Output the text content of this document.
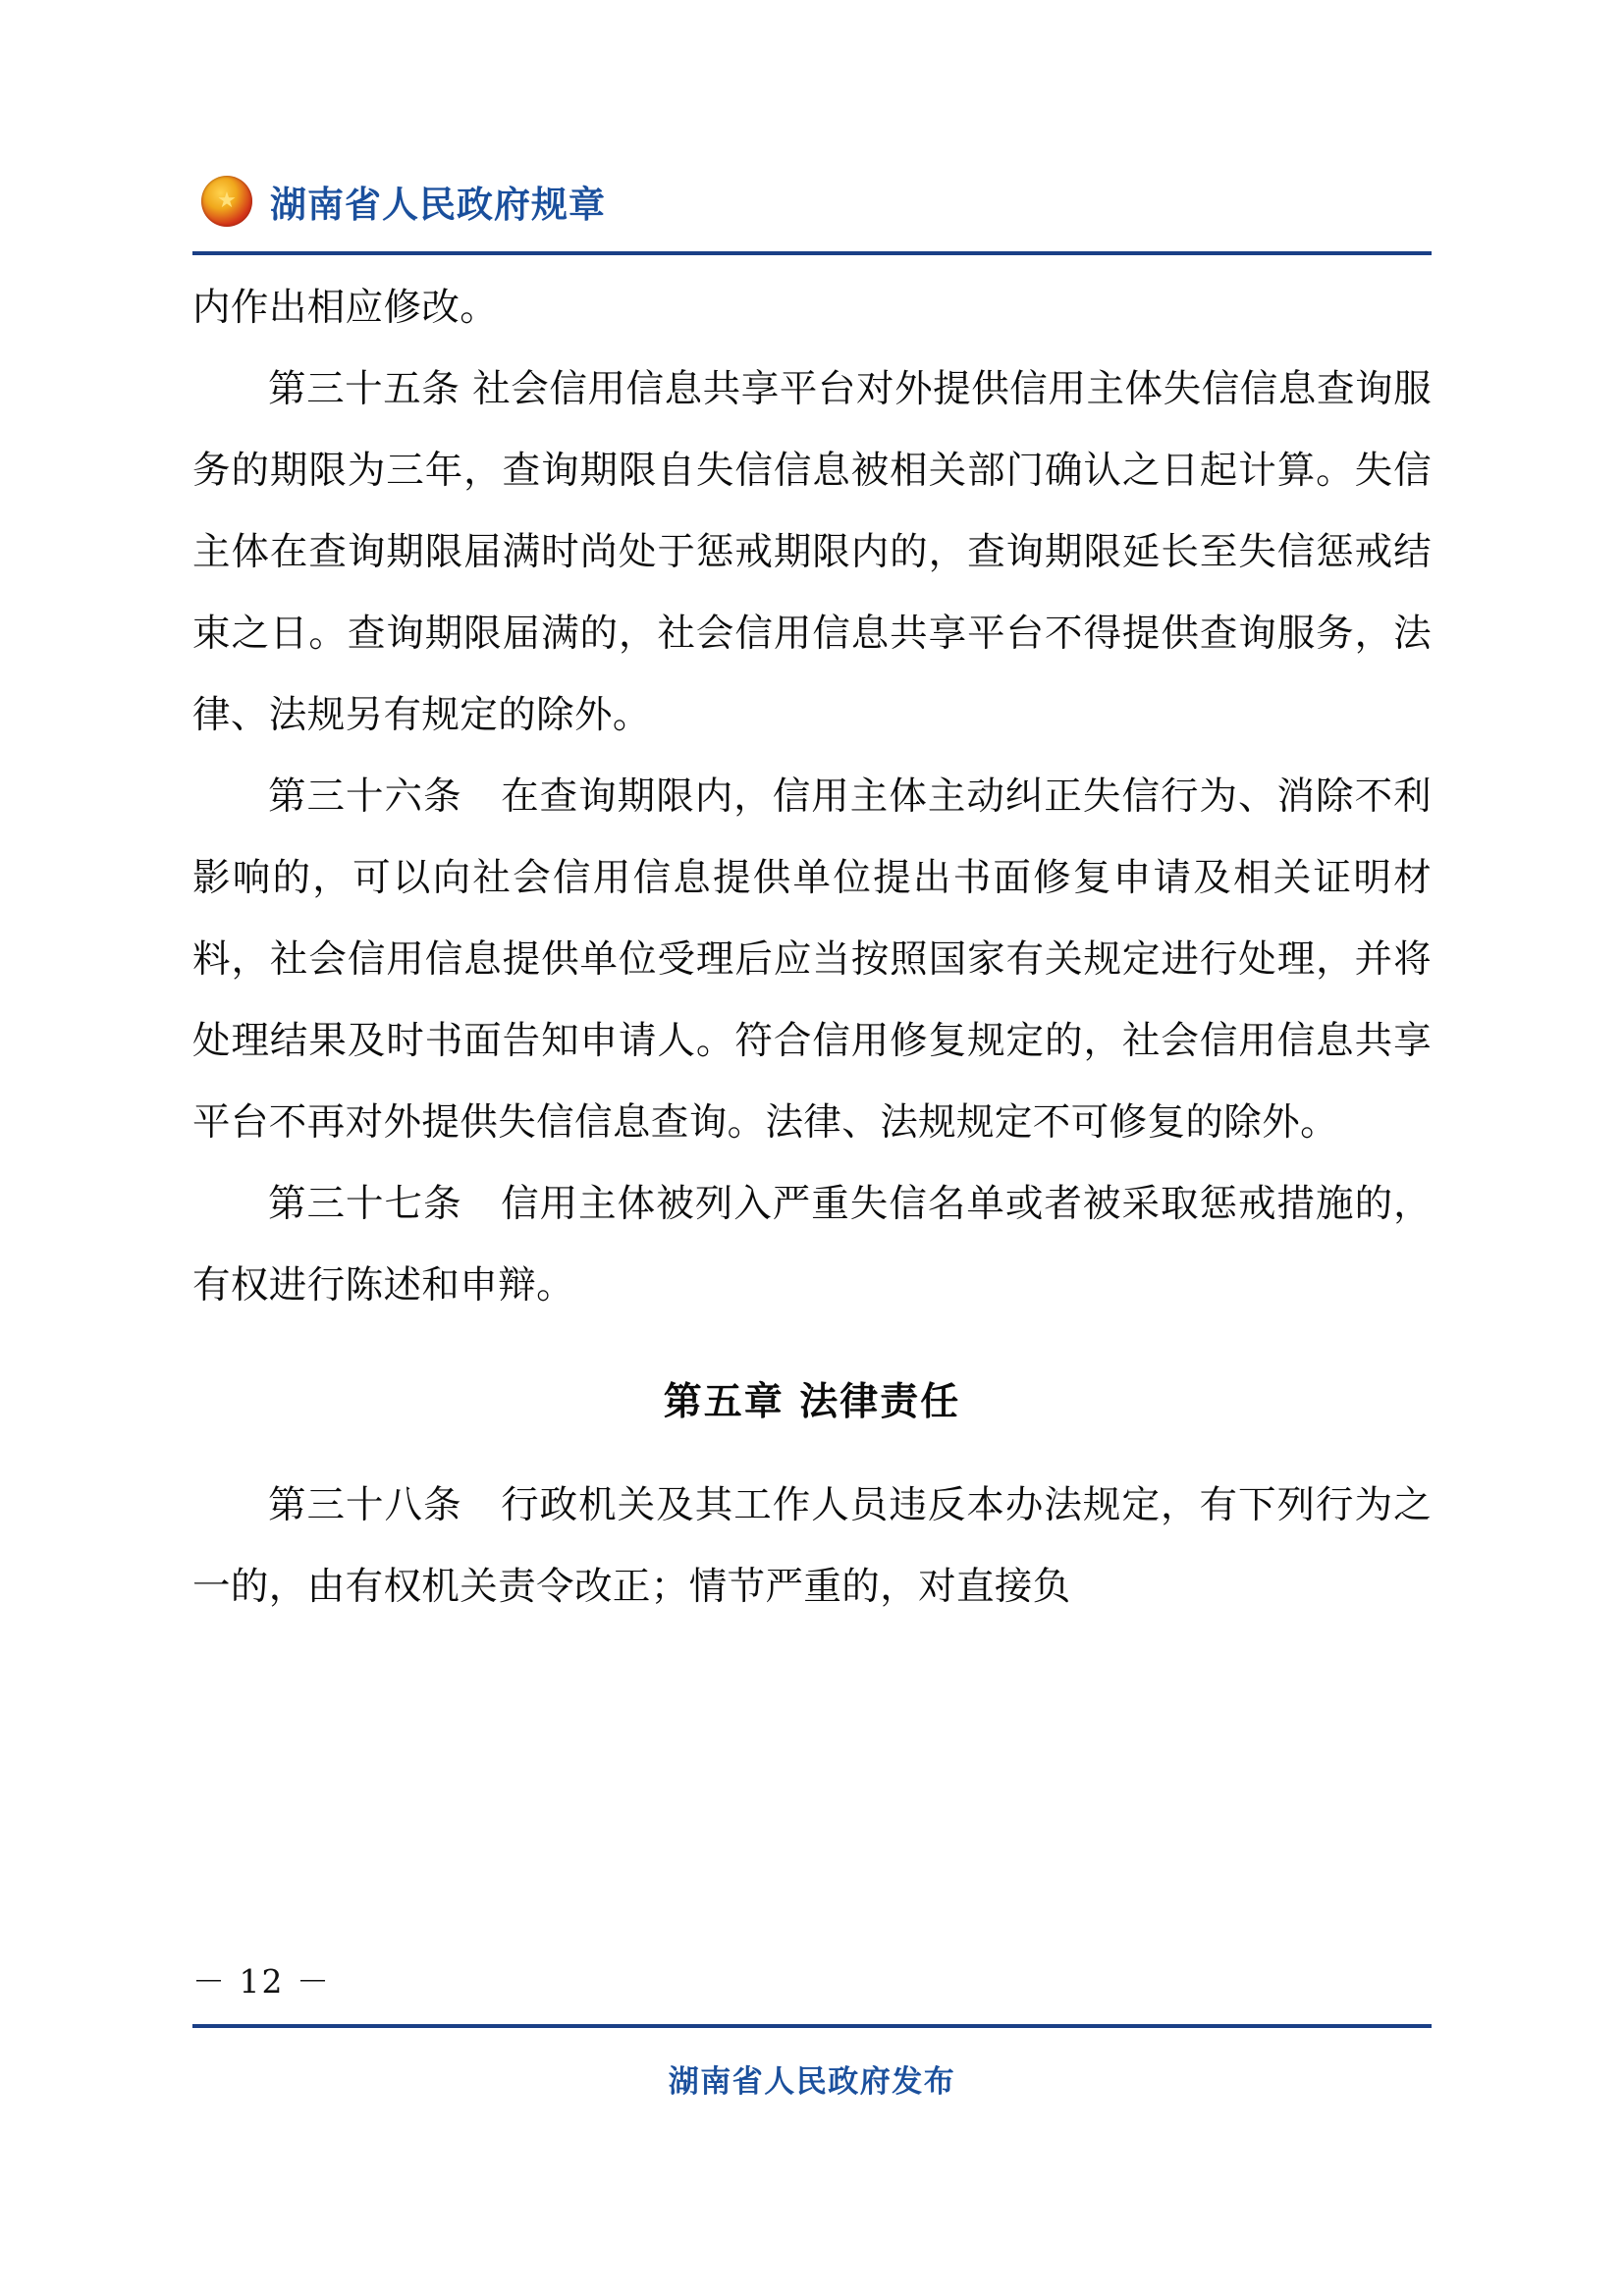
★
湖南省人民政府规章

内作出相应修改。

第三十五条 社会信用信息共享平台对外提供信用主体失信信息查询服务的期限为三年，查询期限自失信信息被相关部门确认之日起计算。失信主体在查询期限届满时尚处于惩戒期限内的，查询期限延长至失信惩戒结束之日。查询期限届满的，社会信用信息共享平台不得提供查询服务，法律、法规另有规定的除外。

第三十六条　在查询期限内，信用主体主动纠正失信行为、消除不利影响的，可以向社会信用信息提供单位提出书面修复申请及相关证明材料，社会信用信息提供单位受理后应当按照国家有关规定进行处理，并将处理结果及时书面告知申请人。符合信用修复规定的，社会信用信息共享平台不再对外提供失信信息查询。法律、法规规定不可修复的除外。

第三十七条　信用主体被列入严重失信名单或者被采取惩戒措施的，有权进行陈述和申辩。

第五章 法律责任

第三十八条　行政机关及其工作人员违反本办法规定，有下列行为之一的，由有权机关责令改正；情节严重的，对直接负

－ 12 －
湖南省人民政府发布
